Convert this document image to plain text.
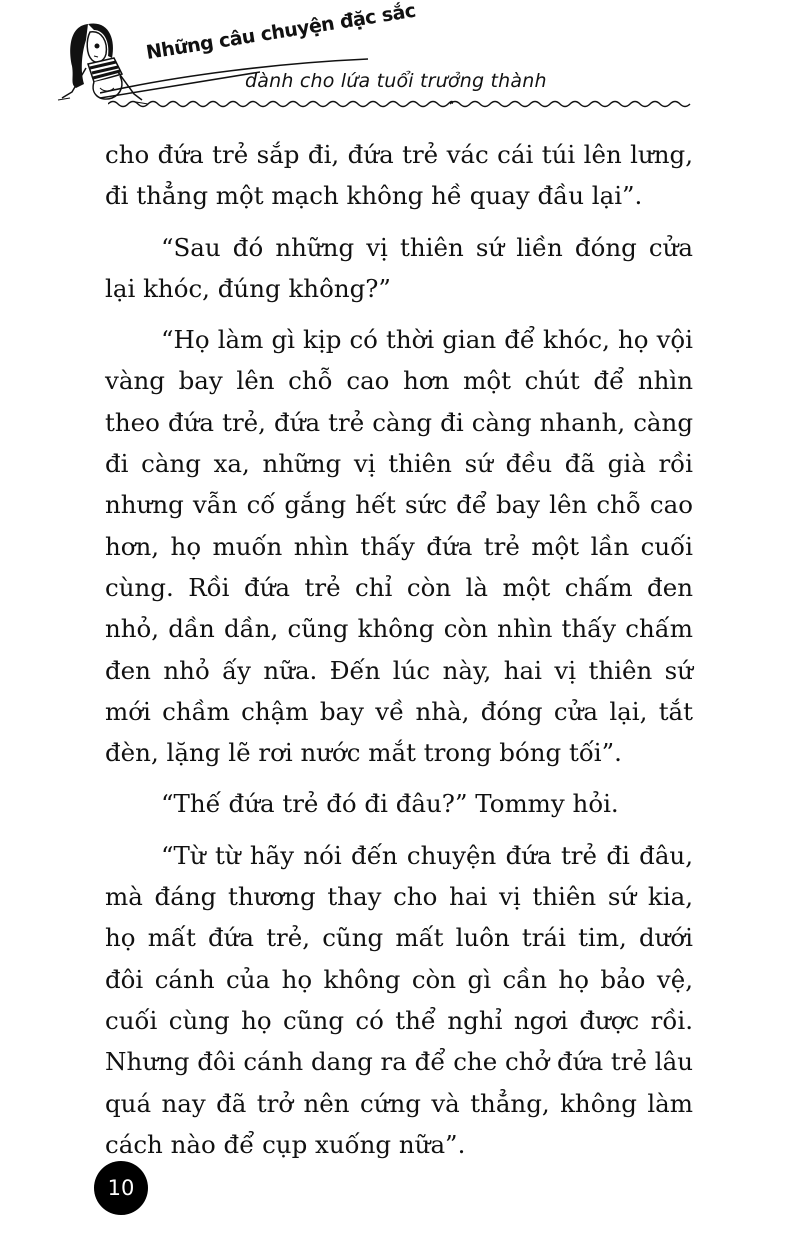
Những câu chuyện đặc sắc
dành cho lứa tuổi trưởng thành

cho đứa trẻ sắp đi, đứa trẻ vác cái túi lên lưng, đi thẳng một mạch không hề quay đầu lại”.

“Sau đó những vị thiên sứ liền đóng cửa lại khóc, đúng không?”

“Họ làm gì kịp có thời gian để khóc, họ vội vàng bay lên chỗ cao hơn một chút để nhìn theo đứa trẻ, đứa trẻ càng đi càng nhanh, càng đi càng xa, những vị thiên sứ đều đã già rồi nhưng vẫn cố gắng hết sức để bay lên chỗ cao hơn, họ muốn nhìn thấy đứa trẻ một lần cuối cùng. Rồi đứa trẻ chỉ còn là một chấm đen nhỏ, dần dần, cũng không còn nhìn thấy chấm đen nhỏ ấy nữa. Đến lúc này, hai vị thiên sứ mới chầm chậm bay về nhà, đóng cửa lại, tắt đèn, lặng lẽ rơi nước mắt trong bóng tối”.

“Thế đứa trẻ đó đi đâu?” Tommy hỏi.

“Từ từ hãy nói đến chuyện đứa trẻ đi đâu, mà đáng thương thay cho hai vị thiên sứ kia, họ mất đứa trẻ, cũng mất luôn trái tim, dưới đôi cánh của họ không còn gì cần họ bảo vệ, cuối cùng họ cũng có thể nghỉ ngơi được rồi. Nhưng đôi cánh dang ra để che chở đứa trẻ lâu quá nay đã trở nên cứng và thẳng, không làm cách nào để cụp xuống nữa”.

10
